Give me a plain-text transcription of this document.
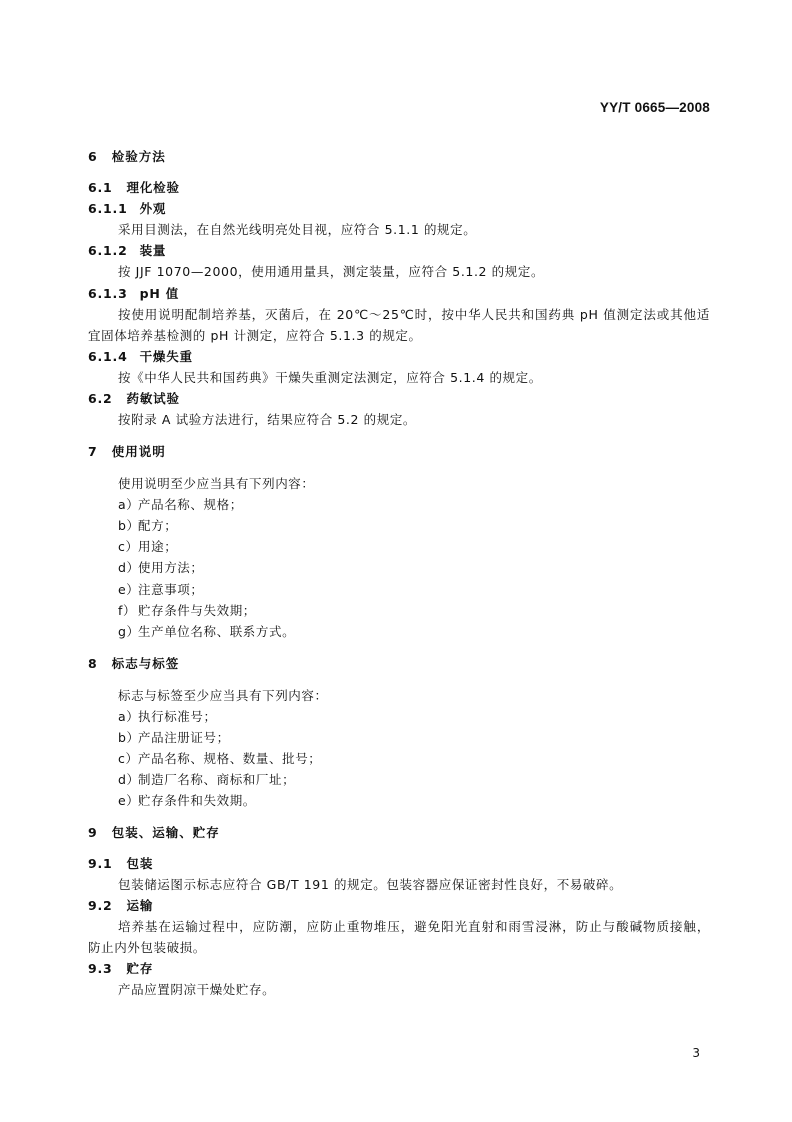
YY/T 0665—2008
6 检验方法
6.1 理化检验
6.1.1 外观
采用目测法，在自然光线明亮处目视，应符合 5.1.1 的规定。
6.1.2 装量
按 JJF 1070—2000，使用通用量具，测定装量，应符合 5.1.2 的规定。
6.1.3 pH 值
按使用说明配制培养基，灭菌后，在 20℃～25℃时，按中华人民共和国药典 pH 值测定法或其他适
宜固体培养基检测的 pH 计测定，应符合 5.1.3 的规定。
6.1.4 干燥失重
按《中华人民共和国药典》干燥失重测定法测定，应符合 5.1.4 的规定。
6.2 药敏试验
按附录 A 试验方法进行，结果应符合 5.2 的规定。
7 使用说明
使用说明至少应当具有下列内容：
a）产品名称、规格；
b）配方；
c）用途；
d）使用方法；
e）注意事项；
f） 贮存条件与失效期；
g）生产单位名称、联系方式。
8 标志与标签
标志与标签至少应当具有下列内容：
a）执行标准号；
b）产品注册证号；
c）产品名称、规格、数量、批号；
d）制造厂名称、商标和厂址；
e）贮存条件和失效期。
9 包装、运输、贮存
9.1 包装
包装储运图示标志应符合 GB/T 191 的规定。包装容器应保证密封性良好，不易破碎。
9.2 运输
培养基在运输过程中，应防潮，应防止重物堆压，避免阳光直射和雨雪浸淋，防止与酸碱物质接触，
防止内外包装破损。
9.3 贮存
产品应置阴凉干燥处贮存。
3
